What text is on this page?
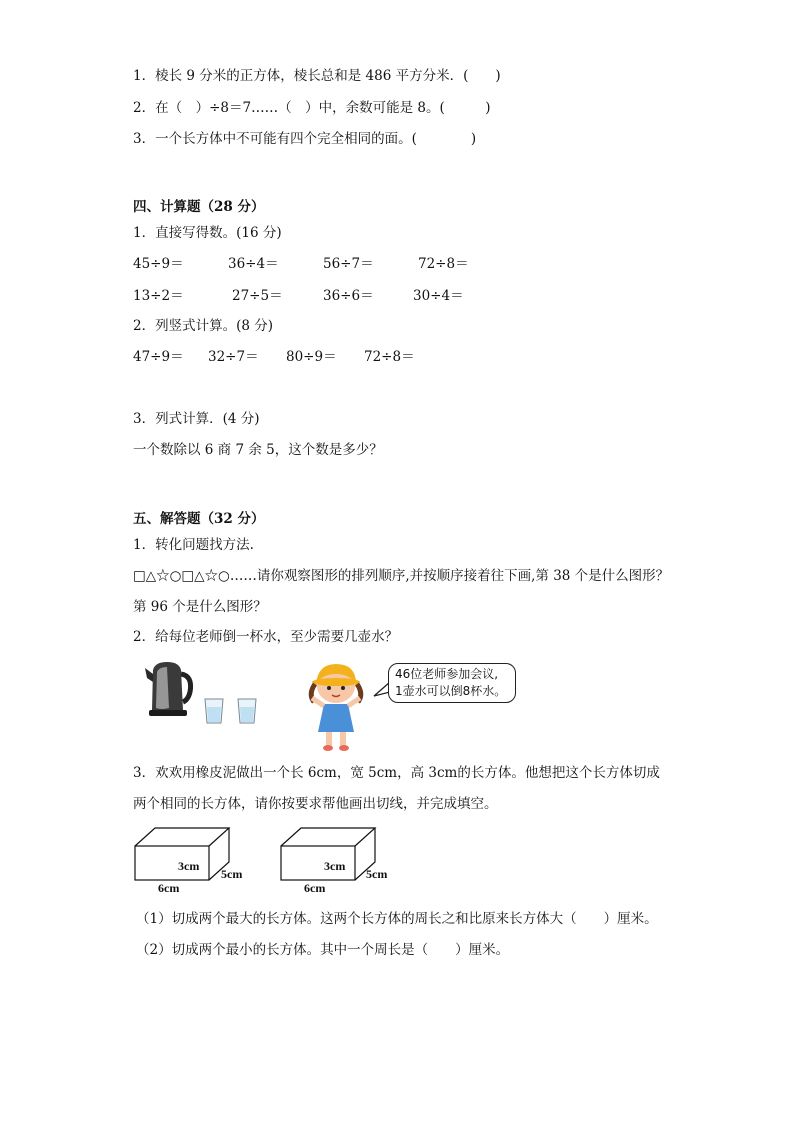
1．棱长 9 分米的正方体，棱长总和是 486 平方分米．(　　)
2．在（　）÷8＝7……（　）中，余数可能是 8。(　　　)
3．一个长方体中不可能有四个完全相同的面。(　　　　)
四、计算题（28 分）
1．直接写得数。(16 分)
45÷9＝	36÷4＝	56÷7＝	72÷8＝
13÷2＝	27÷5＝	36÷6＝	30÷4＝
2．列竖式计算。(8 分)
47÷9＝ 32÷7＝ 80÷9＝ 72÷8＝
3．列式计算．(4 分)
一个数除以 6 商 7 余 5，这个数是多少？
五、解答题（32 分）
1．转化问题找方法.
□△☆○□△☆○……请你观察图形的排列顺序,并按顺序接着往下画,第 38 个是什么图形？
第 96 个是什么图形？
2．给每位老师倒一杯水，至少需要几壶水？
46位老师参加会议,
1壶水可以倒8杯水。
3．欢欢用橡皮泥做出一个长 6cm，宽 5cm，高 3cm的长方体。他想把这个长方体切成
两个相同的长方体，请你按要求帮他画出切线，并完成填空。
3cm
5cm
6cm
3cm
5cm
6cm
（1）切成两个最大的长方体。这两个长方体的周长之和比原来长方体大（　　）厘米。
（2）切成两个最小的长方体。其中一个周长是（　　）厘米。
